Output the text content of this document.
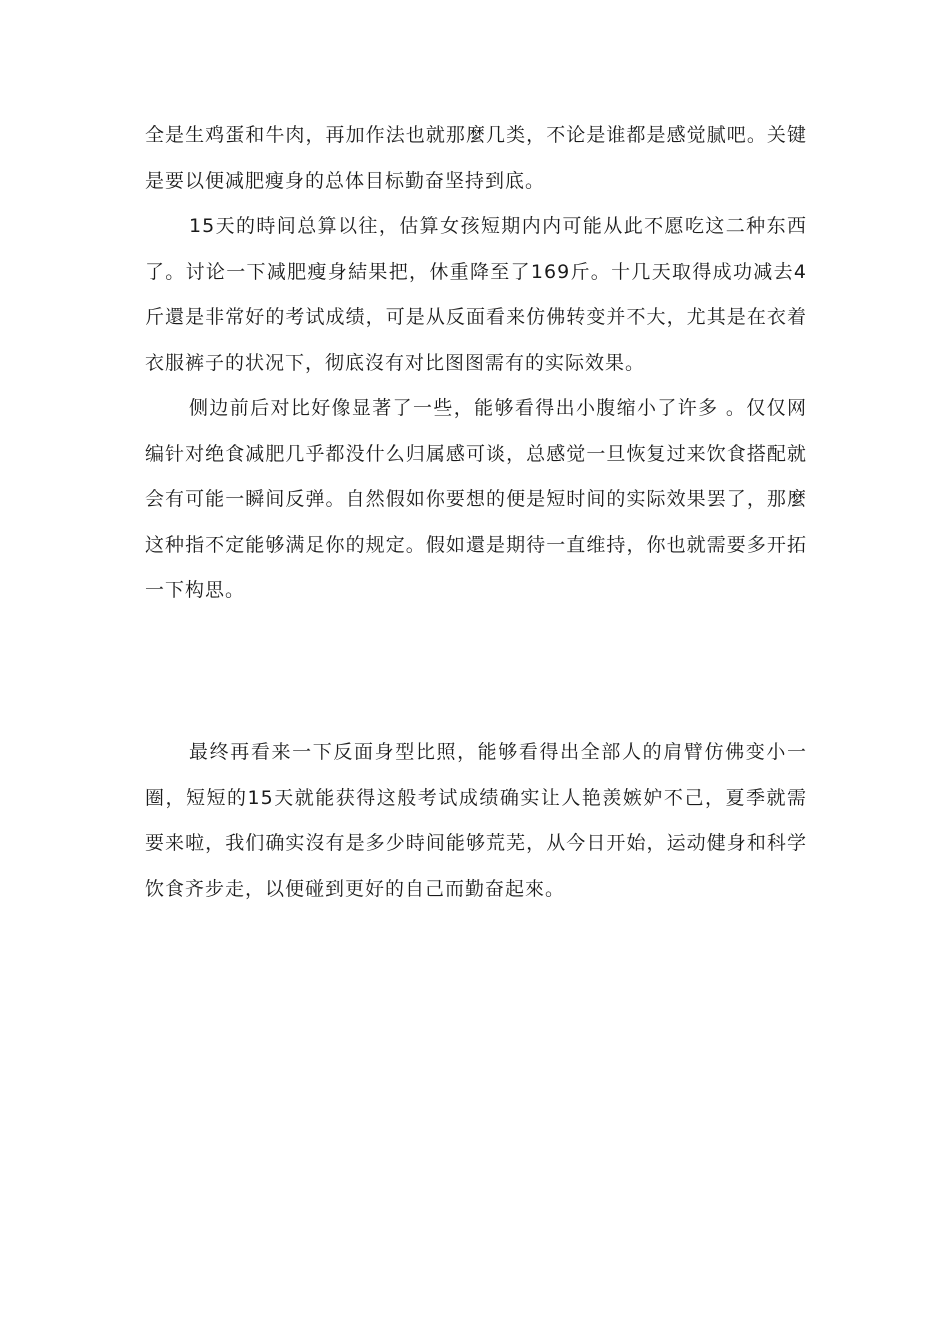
全是生鸡蛋和牛肉，再加作法也就那麼几类，不论是谁都是感觉腻吧。关键是要以便减肥瘦身的总体目标勤奋坚持到底。

15天的時间总算以往，估算女孩短期内内可能从此不愿吃这二种东西了。讨论一下减肥瘦身結果把，休重降至了169斤。十几天取得成功减去4斤還是非常好的考试成绩，可是从反面看来仿佛转变并不大，尤其是在衣着衣服裤子的状况下，彻底沒有对比图图需有的实际效果。

侧边前后对比好像显著了一些，能够看得出小腹缩小了许多 。仅仅网编针对绝食减肥几乎都没什么归属感可谈，总感觉一旦恢复过来饮食搭配就会有可能一瞬间反弹。自然假如你要想的便是短时间的实际效果罢了，那麼这种指不定能够满足你的规定。假如還是期待一直维持，你也就需要多开拓一下构思。

最终再看来一下反面身型比照，能够看得出全部人的肩臂仿佛变小一圈，短短的15天就能获得这般考试成绩确实让人艳羡嫉妒不己，夏季就需要来啦，我们确实沒有是多少時间能够荒芜，从今日开始，运动健身和科学饮食齐步走，以便碰到更好的自己而勤奋起來。
